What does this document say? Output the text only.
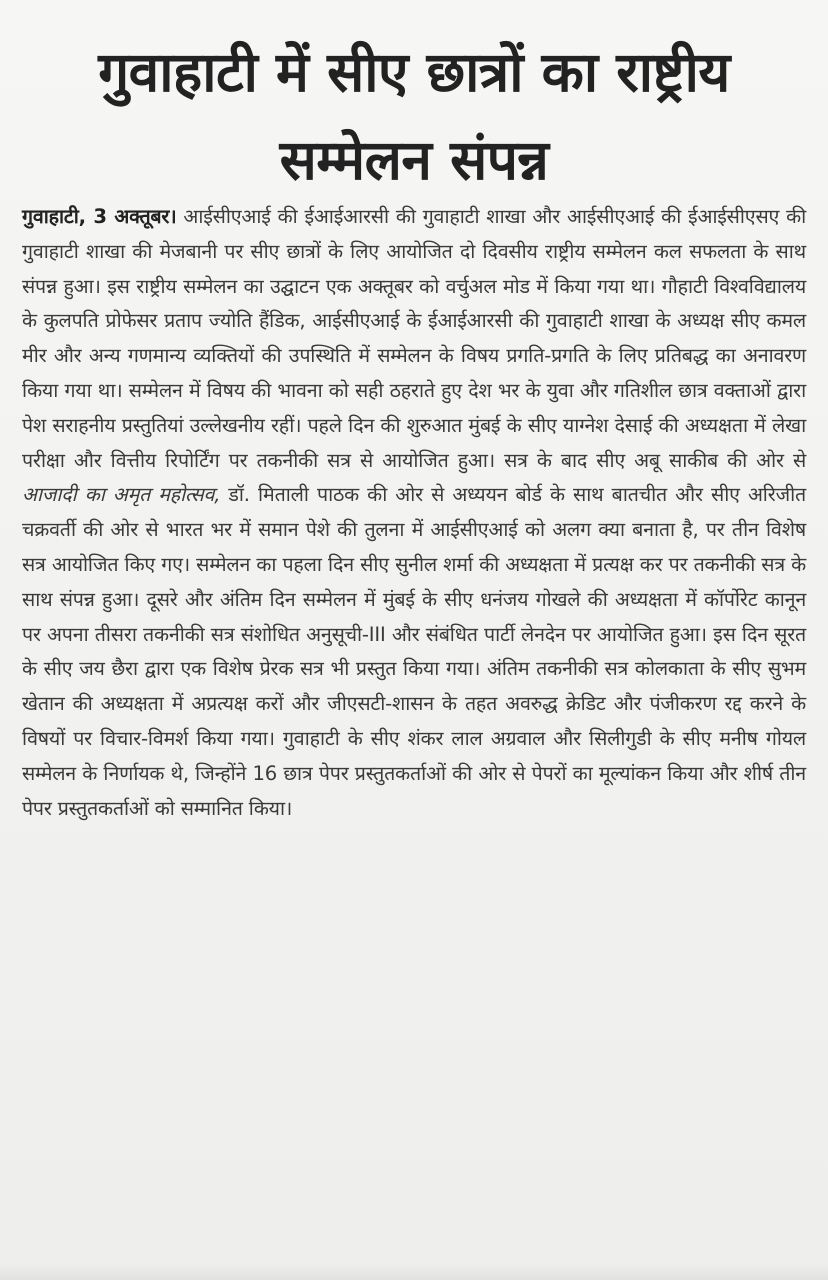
गुवाहाटी में सीए छात्रों का राष्ट्रीय सम्मेलन संपन्न

गुवाहाटी, 3 अक्तूबर। आईसीएआई की ईआईआरसी की गुवाहाटी शाखा और आईसीएआई की ईआईसीएसए की गुवाहाटी शाखा की मेजबानी पर सीए छात्रों के लिए आयोजित दो दिवसीय राष्ट्रीय सम्मेलन कल सफलता के साथ संपन्न हुआ। इस राष्ट्रीय सम्मेलन का उद्घाटन एक अक्तूबर को वर्चुअल मोड में किया गया था। गौहाटी विश्वविद्यालय के कुलपति प्रोफेसर प्रताप ज्योति हैंडिक, आईसीएआई के ईआईआरसी की गुवाहाटी शाखा के अध्यक्ष सीए कमल मीर और अन्य गणमान्य व्यक्तियों की उपस्थिति में सम्मेलन के विषय प्रगति-प्रगति के लिए प्रतिबद्ध का अनावरण किया गया था। सम्मेलन में विषय की भावना को सही ठहराते हुए देश भर के युवा और गतिशील छात्र वक्ताओं द्वारा पेश सराहनीय प्रस्तुतियां उल्लेखनीय रहीं। पहले दिन की शुरुआत मुंबई के सीए याग्नेश देसाई की अध्यक्षता में लेखा परीक्षा और वित्तीय रिपोर्टिंग पर तकनीकी सत्र से आयोजित हुआ। सत्र के बाद सीए अबू साकीब की ओर से आजादी का अमृत महोत्सव, डॉ. मिताली पाठक की ओर से अध्ययन बोर्ड के साथ बातचीत और सीए अरिजीत चक्रवर्ती की ओर से भारत भर में समान पेशे की तुलना में आईसीएआई को अलग क्या बनाता है, पर तीन विशेष सत्र आयोजित किए गए। सम्मेलन का पहला दिन सीए सुनील शर्मा की अध्यक्षता में प्रत्यक्ष कर पर तकनीकी सत्र के साथ संपन्न हुआ। दूसरे और अंतिम दिन सम्मेलन में मुंबई के सीए धनंजय गोखले की अध्यक्षता में कॉर्पोरेट कानून पर अपना तीसरा तकनीकी सत्र संशोधित अनुसूची-III और संबंधित पार्टी लेनदेन पर आयोजित हुआ। इस दिन सूरत के सीए जय छैरा द्वारा एक विशेष प्रेरक सत्र भी प्रस्तुत किया गया। अंतिम तकनीकी सत्र कोलकाता के सीए सुभम खेतान की अध्यक्षता में अप्रत्यक्ष करों और जीएसटी-शासन के तहत अवरुद्ध क्रेडिट और पंजीकरण रद्द करने के विषयों पर विचार-विमर्श किया गया। गुवाहाटी के सीए शंकर लाल अग्रवाल और सिलीगुडी के सीए मनीष गोयल सम्मेलन के निर्णायक थे, जिन्होंने 16 छात्र पेपर प्रस्तुतकर्ताओं की ओर से पेपरों का मूल्यांकन किया और शीर्ष तीन पेपर प्रस्तुतकर्ताओं को सम्मानित किया।
